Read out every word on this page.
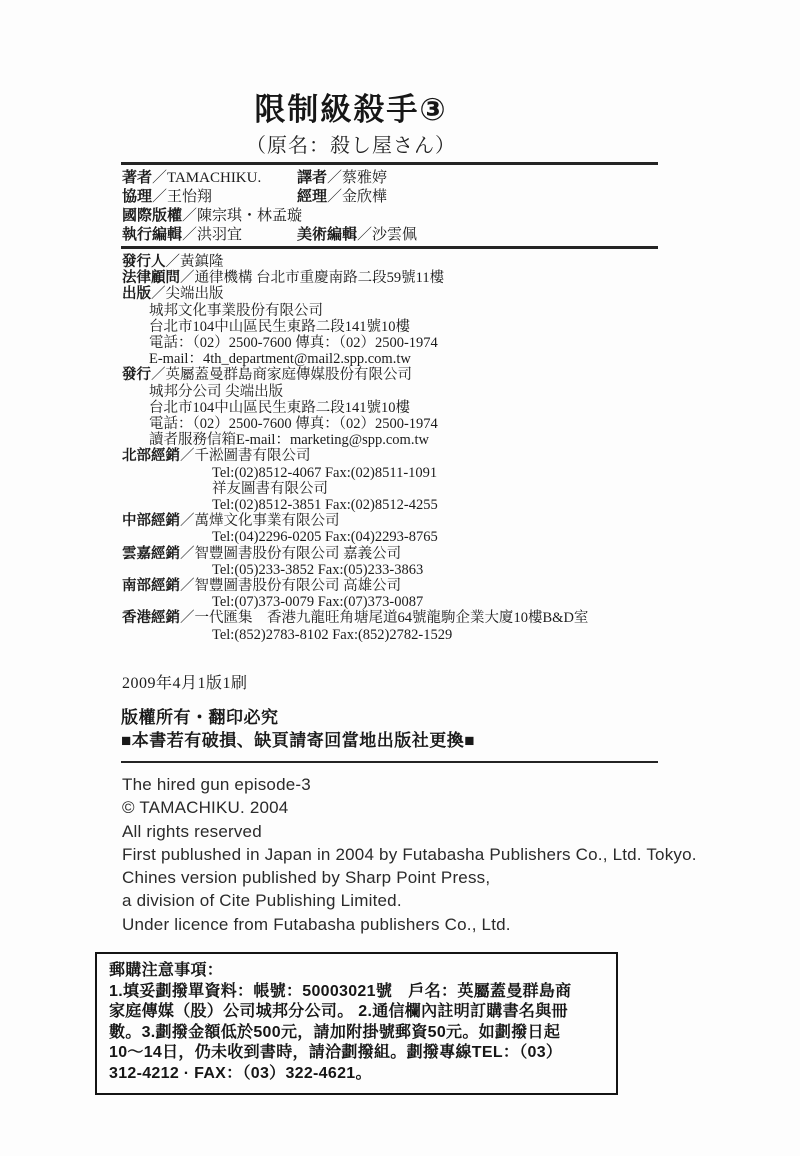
限制級殺手③
（原名：殺し屋さん）
著者／TAMACHIKU. 譯者／蔡雅婷
協理／王怡翔	經理／金欣樺
國際版權／陳宗琪・林孟璇
執行編輯／洪羽宜	美術編輯／沙雲佩
發行人／黃鎮隆
法律顧問／通律機構 台北市重慶南路二段59號11樓
出版／尖端出版
城邦文化事業股份有限公司
台北市104中山區民生東路二段141號10樓
電話：（02）2500-7600 傳真：（02）2500-1974
E-mail：4th_department@mail2.spp.com.tw
發行／英屬蓋曼群島商家庭傳媒股份有限公司
城邦分公司 尖端出版
台北市104中山區民生東路二段141號10樓
電話：（02）2500-7600 傳真：（02）2500-1974
讀者服務信箱E-mail：marketing@spp.com.tw
北部經銷／千淞圖書有限公司
Tel:(02)8512-4067 Fax:(02)8511-1091
祥友圖書有限公司
Tel:(02)8512-3851 Fax:(02)8512-4255
中部經銷／萬燁文化事業有限公司
Tel:(04)2296-0205 Fax:(04)2293-8765
雲嘉經銷／智豐圖書股份有限公司 嘉義公司
Tel:(05)233-3852 Fax:(05)233-3863
南部經銷／智豐圖書股份有限公司 高雄公司
Tel:(07)373-0079 Fax:(07)373-0087
香港經銷／一代匯集　香港九龍旺角塘尾道64號龍駒企業大廈10樓B&D室
Tel:(852)2783-8102 Fax:(852)2782-1529
2009年4月1版1刷
版權所有・翻印必究
■本書若有破損、缺頁請寄回當地出版社更換■
The hired gun episode-3
© TAMACHIKU. 2004
All rights reserved
First publushed in Japan in 2004 by Futabasha Publishers Co., Ltd. Tokyo.
Chines version published by Sharp Point Press,
a division of Cite Publishing Limited.
Under licence from Futabasha publishers Co., Ltd.
郵購注意事項：
1.填妥劃撥單資料：帳號：50003021號　戶名：英屬蓋曼群島商
家庭傳媒（股）公司城邦分公司。 2.通信欄內註明訂購書名與冊
數。3.劃撥金額低於500元，請加附掛號郵資50元。如劃撥日起
10～14日，仍未收到書時，請洽劃撥組。劃撥專線TEL：（03）
312-4212 · FAX：（03）322-4621。
